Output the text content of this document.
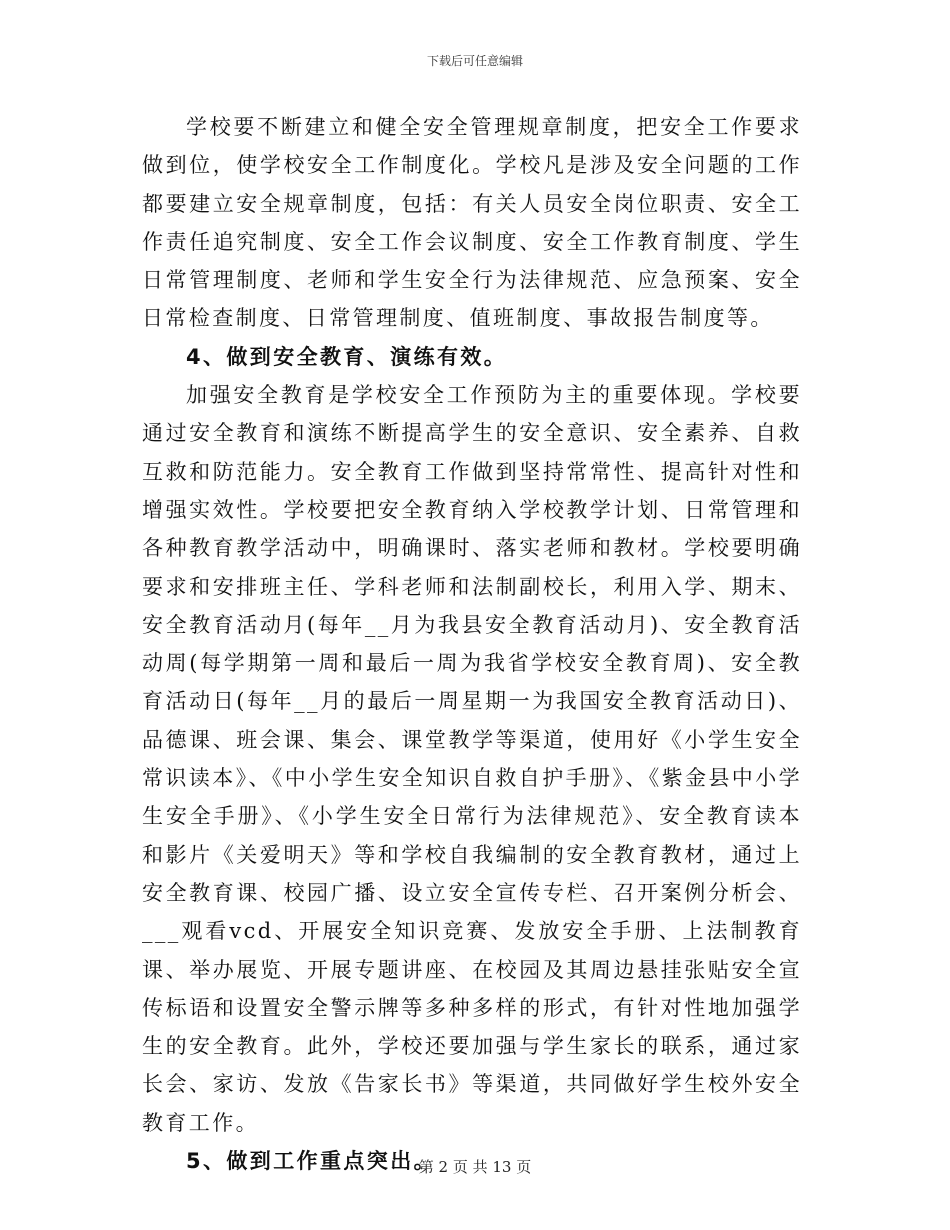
下载后可任意编辑

学校要不断建立和健全安全管理规章制度，把安全工作要求做到位，使学校安全工作制度化。学校凡是涉及安全问题的工作都要建立安全规章制度，包括：有关人员安全岗位职责、安全工作责任追究制度、安全工作会议制度、安全工作教育制度、学生日常管理制度、老师和学生安全行为法律规范、应急预案、安全日常检查制度、日常管理制度、值班制度、事故报告制度等。

4、做到安全教育、演练有效。

加强安全教育是学校安全工作预防为主的重要体现。学校要通过安全教育和演练不断提高学生的安全意识、安全素养、自救互救和防范能力。安全教育工作做到坚持常常性、提高针对性和增强实效性。学校要把安全教育纳入学校教学计划、日常管理和各种教育教学活动中，明确课时、落实老师和教材。学校要明确要求和安排班主任、学科老师和法制副校长，利用入学、期末、安全教育活动月(每年__月为我县安全教育活动月)、安全教育活动周(每学期第一周和最后一周为我省学校安全教育周)、安全教育活动日(每年__月的最后一周星期一为我国安全教育活动日)、品德课、班会课、集会、课堂教学等渠道，使用好《小学生安全常识读本》、《中小学生安全知识自救自护手册》、《紫金县中小学生安全手册》、《小学生安全日常行为法律规范》、安全教育读本和影片《关爱明天》等和学校自我编制的安全教育教材，通过上安全教育课、校园广播、设立安全宣传专栏、召开案例分析会、___观看vcd、开展安全知识竞赛、发放安全手册、上法制教育课、举办展览、开展专题讲座、在校园及其周边悬挂张贴安全宣传标语和设置安全警示牌等多种多样的形式，有针对性地加强学生的安全教育。此外，学校还要加强与学生家长的联系，通过家长会、家访、发放《告家长书》等渠道，共同做好学生校外安全教育工作。

5、做到工作重点突出。

第 2 页 共 13 页
